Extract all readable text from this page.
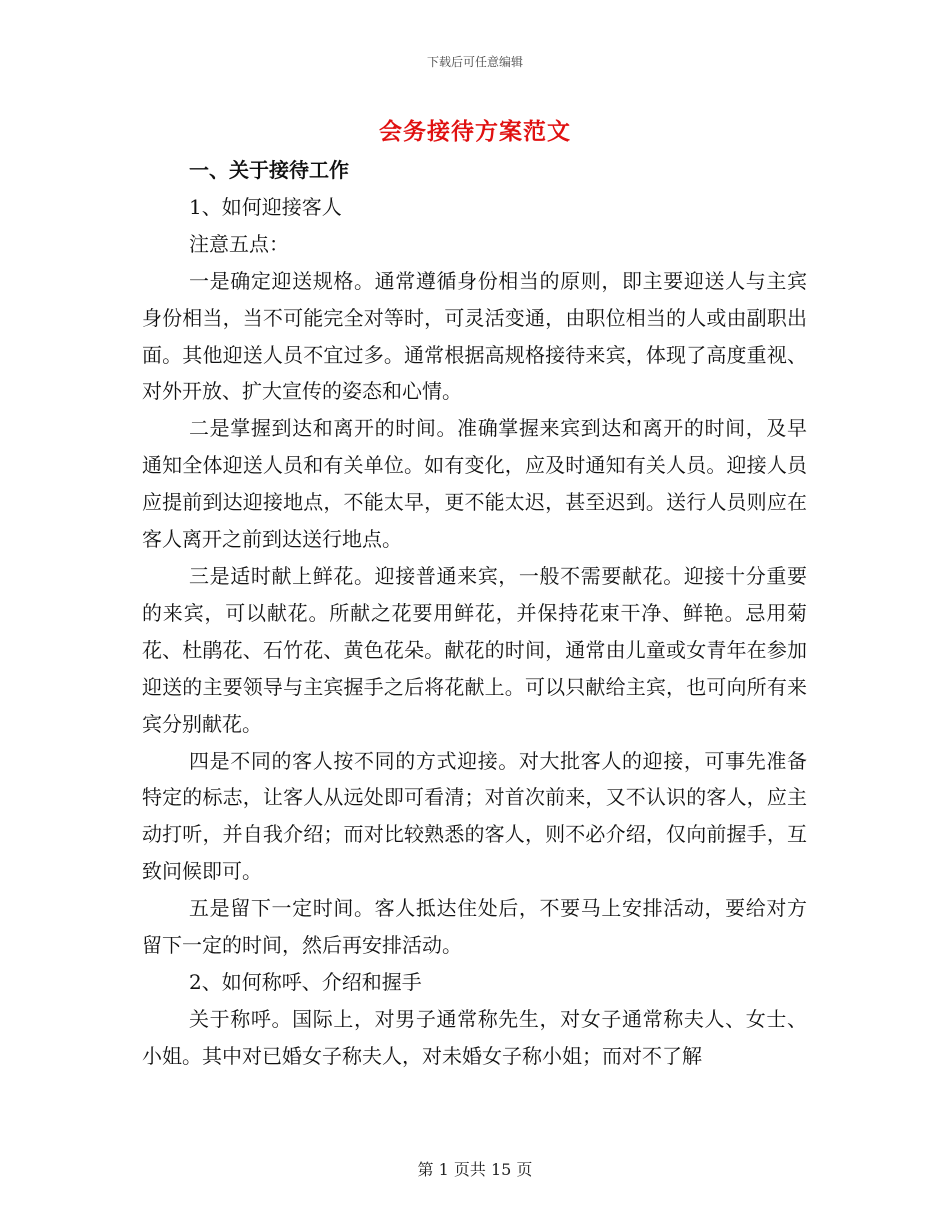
下载后可任意编辑
会务接待方案范文

一、关于接待工作

1、如何迎接客人

注意五点：

一是确定迎送规格。通常遵循身份相当的原则，即主要迎送人与主宾身份相当，当不可能完全对等时，可灵活变通，由职位相当的人或由副职出面。其他迎送人员不宜过多。通常根据高规格接待来宾，体现了高度重视、对外开放、扩大宣传的姿态和心情。

二是掌握到达和离开的时间。准确掌握来宾到达和离开的时间，及早通知全体迎送人员和有关单位。如有变化，应及时通知有关人员。迎接人员应提前到达迎接地点，不能太早，更不能太迟，甚至迟到。送行人员则应在客人离开之前到达送行地点。

三是适时献上鲜花。迎接普通来宾，一般不需要献花。迎接十分重要的来宾，可以献花。所献之花要用鲜花，并保持花束干净、鲜艳。忌用菊花、杜鹃花、石竹花、黄色花朵。献花的时间，通常由儿童或女青年在参加迎送的主要领导与主宾握手之后将花献上。可以只献给主宾，也可向所有来宾分别献花。

四是不同的客人按不同的方式迎接。对大批客人的迎接，可事先准备特定的标志，让客人从远处即可看清；对首次前来，又不认识的客人，应主动打听，并自我介绍；而对比较熟悉的客人，则不必介绍，仅向前握手，互致问候即可。

五是留下一定时间。客人抵达住处后，不要马上安排活动，要给对方留下一定的时间，然后再安排活动。

2、如何称呼、介绍和握手

关于称呼。国际上，对男子通常称先生，对女子通常称夫人、女士、小姐。其中对已婚女子称夫人，对未婚女子称小姐；而对不了解

第 1 页共 15 页
